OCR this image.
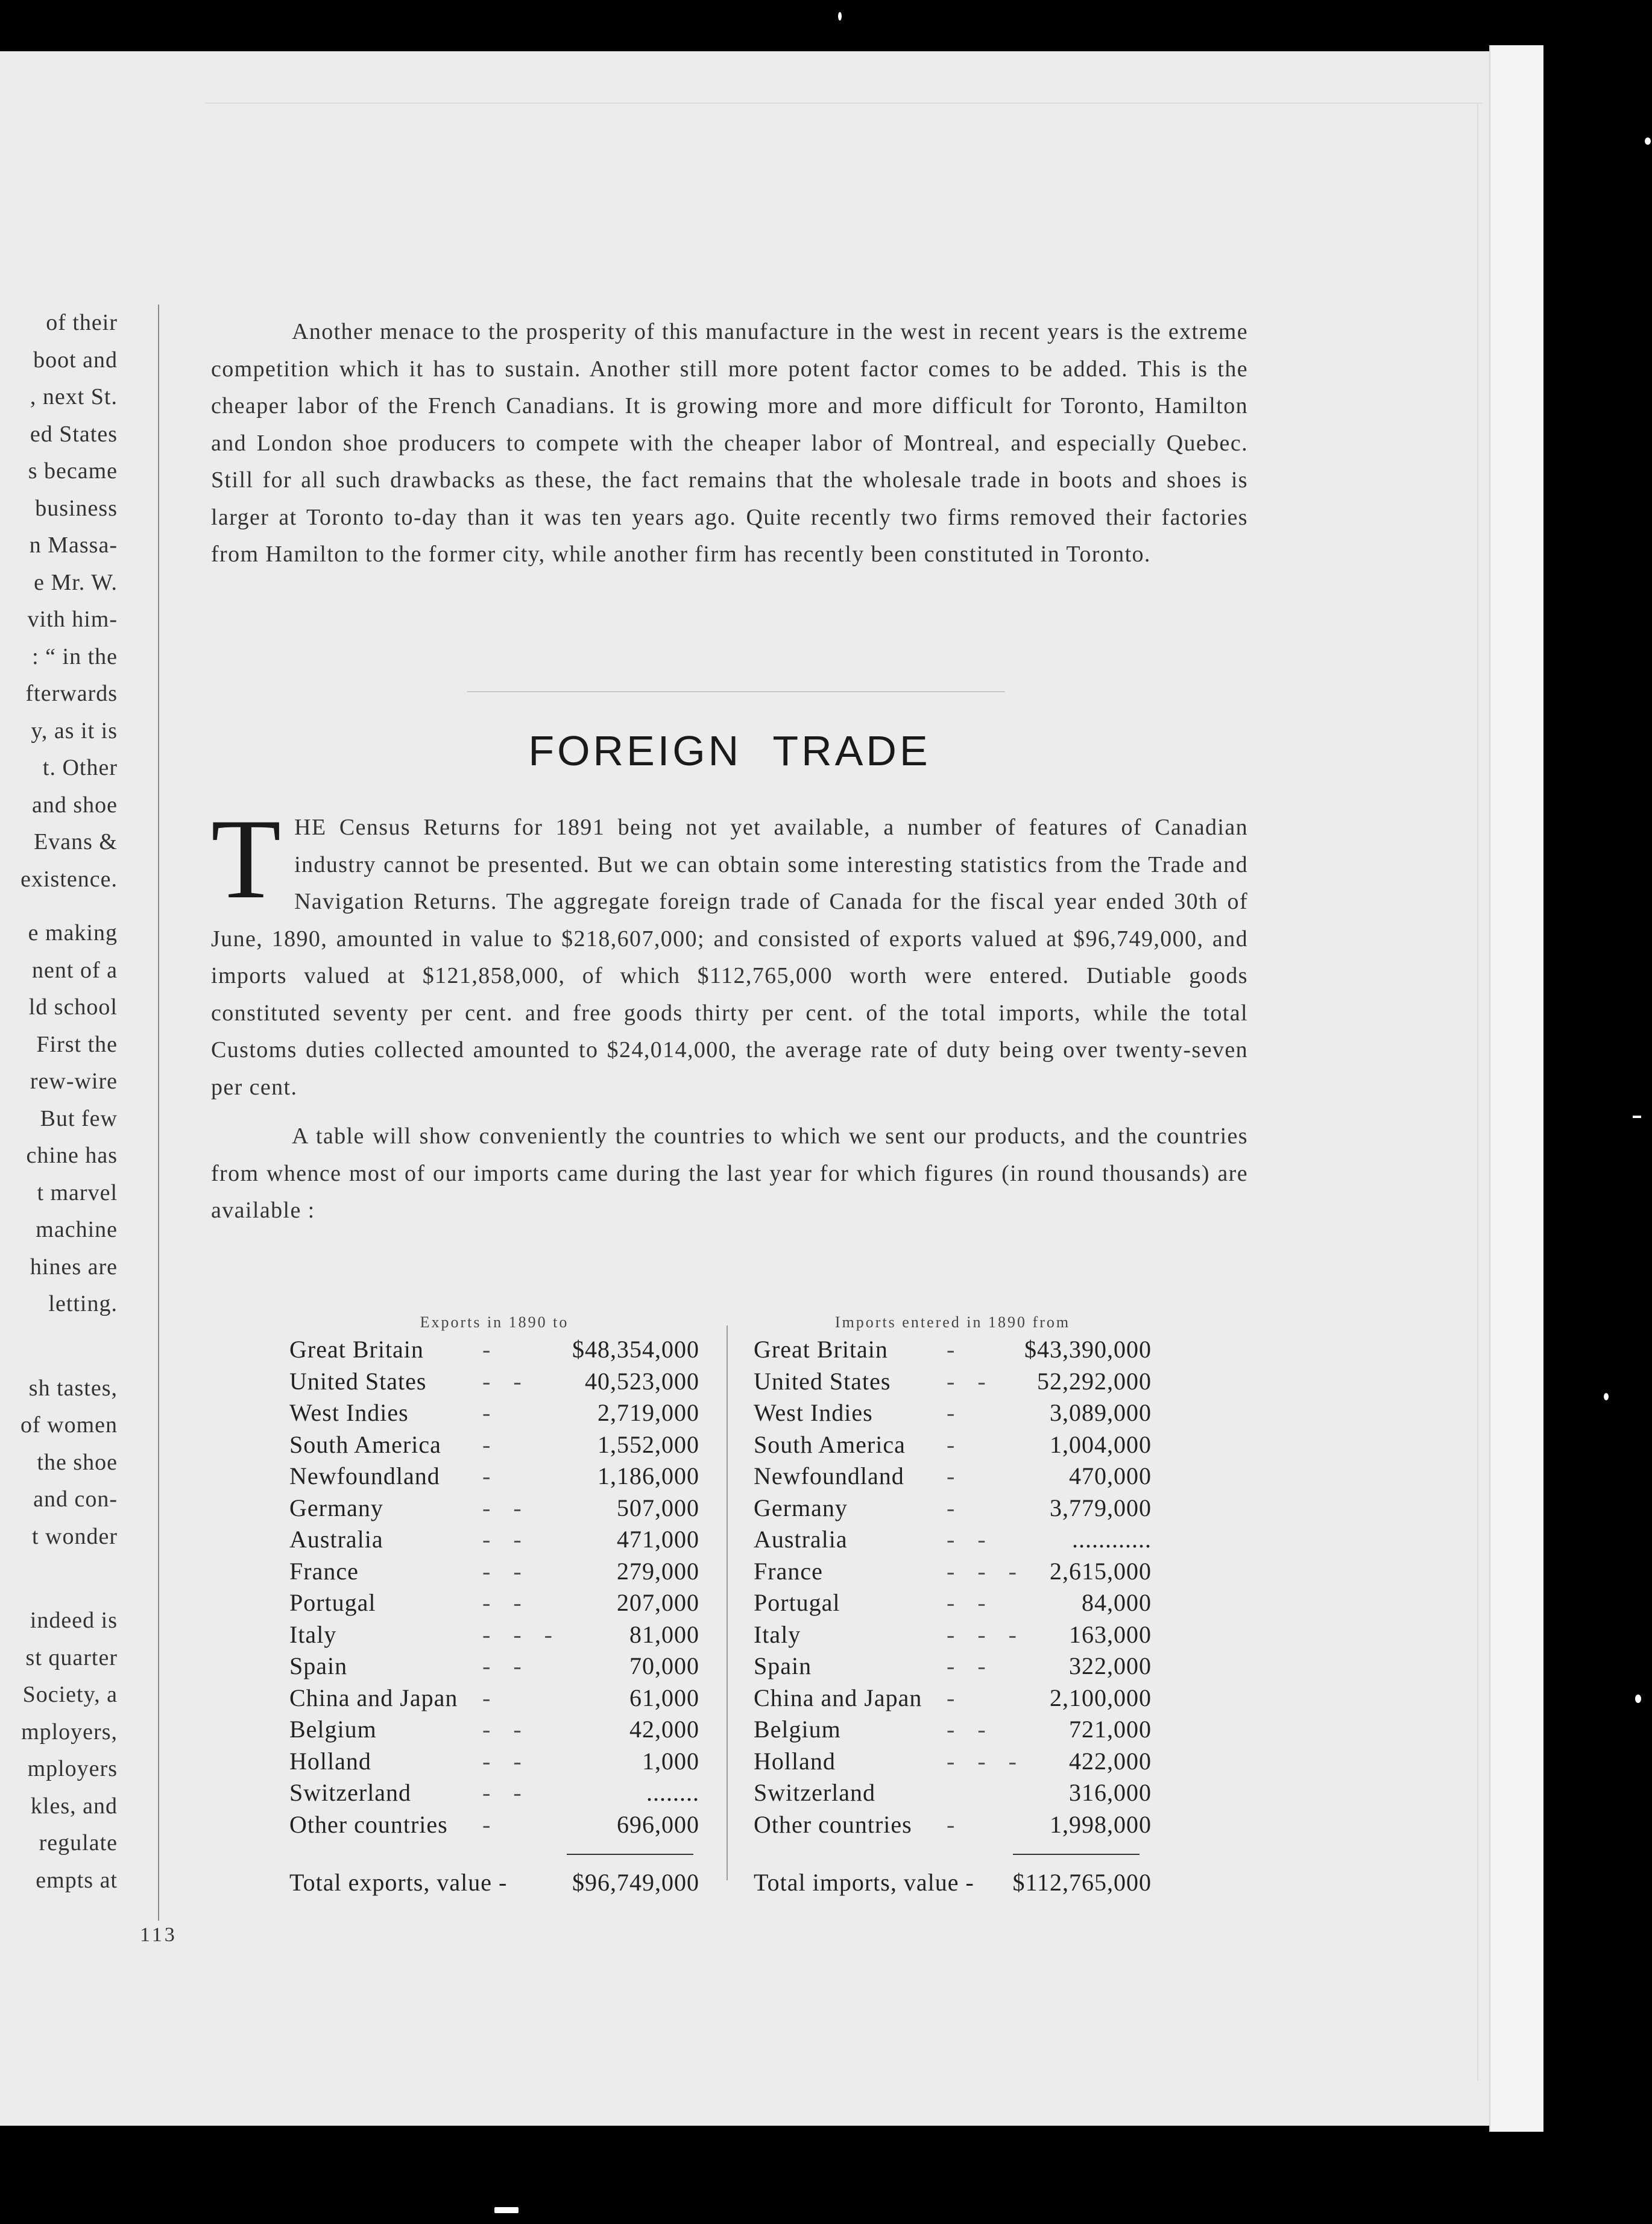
of their
boot and
, next St.
ed States
s became
business
n Massa-
e Mr. W.
vith him-
: “ in the
fterwards
y, as it is
t. Other
and shoe
Evans &
existence.
e making
nent of a
ld school
First the
rew-wire
But few
chine has
t marvel
machine
hines are
letting.
sh tastes,
of women
the shoe
and con-
t wonder
indeed is
st quarter
Society, a
mployers,
mployers
kles, and
regulate
empts at

Another menace to the prosperity of this manufacture in the west in recent years is the extreme competition which it has to sustain. Another still more potent factor comes to be added. This is the cheaper labor of the French Canadians. It is growing more and more difficult for Toronto, Hamilton and London shoe producers to compete with the cheaper labor of Montreal, and especially Quebec. Still for all such drawbacks as these, the fact remains that the wholesale trade in boots and shoes is larger at Toronto to-day than it was ten years ago. Quite recently two firms removed their factories from Hamilton to the former city, while another firm has recently been constituted in Toronto.

FOREIGN TRADE
T HE Census Returns for 1891 being not yet available, a number of features of Canadian industry cannot be presented. But we can obtain some interesting statistics from the Trade and Navigation Returns. The aggregate foreign trade of Canada for the fiscal year ended 30th of June, 1890, amounted in value to $218,607,000; and consisted of exports valued at $96,749,000, and imports valued at $121,858,000, of which $112,765,000 worth were entered. Dutiable goods constituted seventy per cent. and free goods thirty per cent. of the total imports, while the total Customs duties collected amounted to $24,014,000, the average rate of duty being over twenty-seven per cent.

A table will show conveniently the countries to which we sent our products, and the countries from whence most of our imports came during the last year for which figures (in round thousands) are available :

Exports in 1890 to
Great Britain -	$48,354,000
United States - - 40,523,000
West Indies	-	2,719,000
South America -	1,552,000
Newfoundland -	1,186,000
Germany	- -	507,000
Australia	- -	471,000
France	- -	279,000
Portugal	- -	207,000
Italy	- - -	81,000
Spain	- -	70,000
China and Japan -	61,000
Belgium	- -	42,000
Holland	- -	1,000
Switzerland	- -	........
Other countries -	696,000
Imports entered in 1890 from
Great Britain -	$43,390,000
United States - - 52,292,000
West Indies	-	3,089,000
South America -	1,004,000
Newfoundland -	470,000
Germany	-	3,779,000
Australia	- -	............
France	- - - 2,615,000
Portugal	- -	84,000
Italy	- - - 163,000
Spain	- -	322,000
China and Japan -	2,100,000
Belgium	- -	721,000
Holland	- - - 422,000
Switzerland	316,000
Other countries -	1,998,000
Total exports, value -	$96,749,000 Total imports, value - $112,765,000
113
